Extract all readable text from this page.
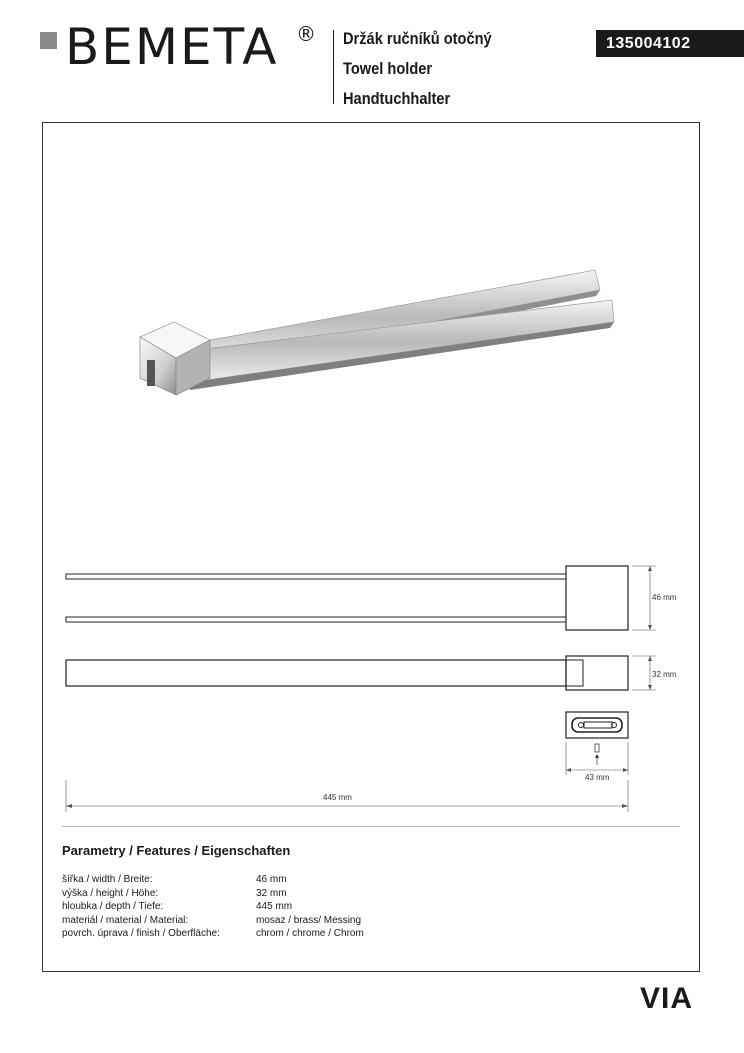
BEMETA ® Držák ručníků otočný
Towel holder
Handtuchhalter
135004102
46 mm
32 mm
43 mm
445 mm
Parametry / Features / Eigenschaften
šířka / width / Breite:	46 mm
výška / height / Höhe:	32 mm
hloubka / depth / Tiefe:	445 mm
materiál / material / Material:	mosaz / brass/ Messing
povrch. úprava / finish / Oberfläche:	chrom / chrome / Chrom
VIA
